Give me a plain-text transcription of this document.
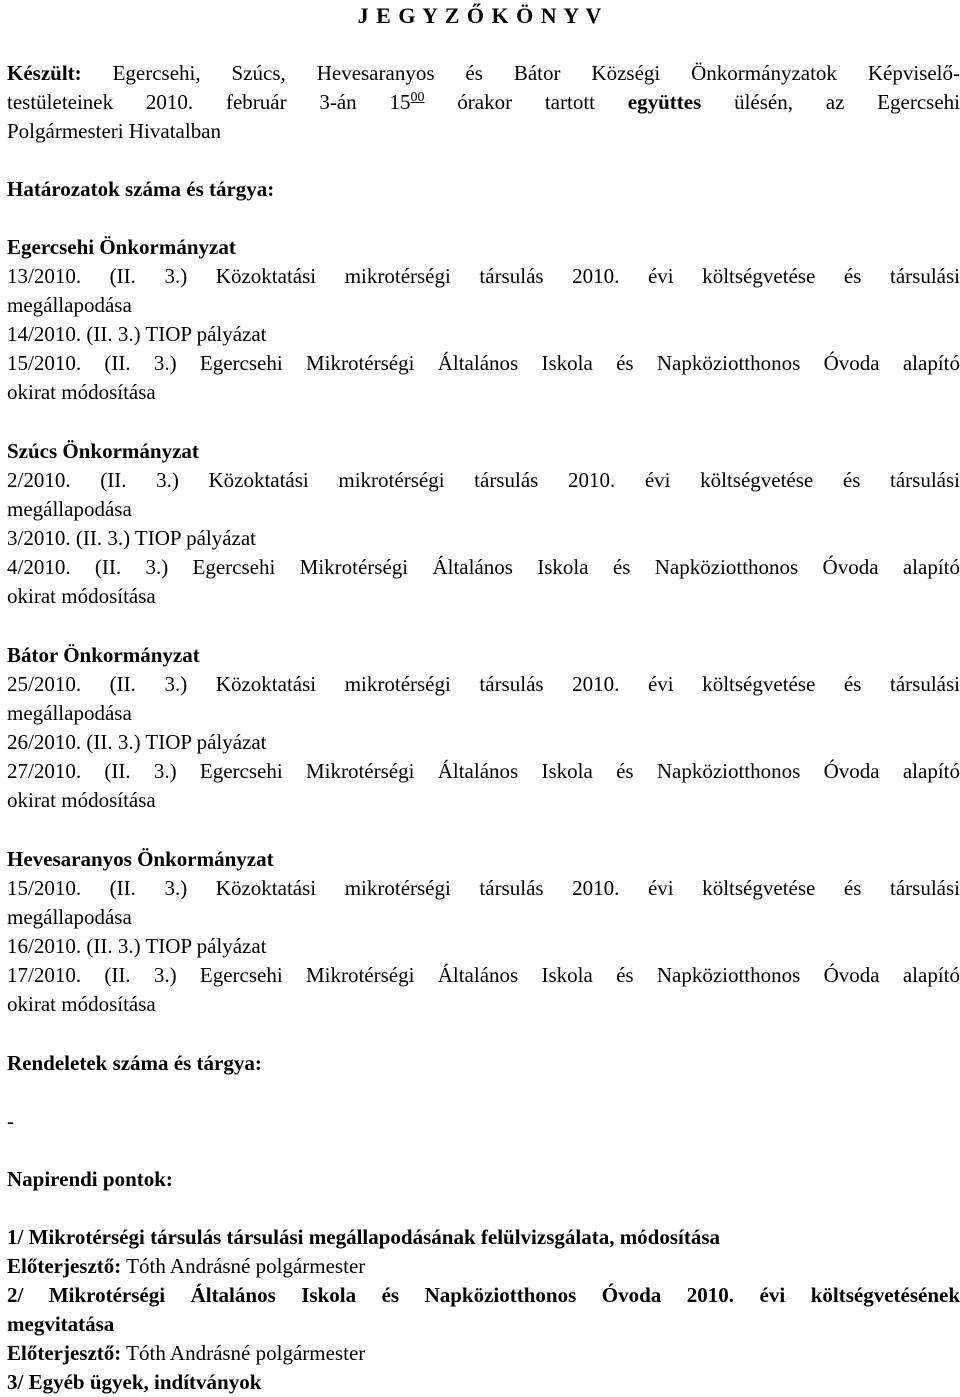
J E G Y Z Ő K Ö N Y V

Készült: Egercsehi, Szúcs, Hevesaranyos és Bátor Községi Önkormányzatok Képviselő-

testületeinek 2010. február 3-án $15^{00}$ órakor tartott együttes ülésén, az Egercsehi

Polgármesteri Hivatalban

Határozatok száma és tárgya:

Egercsehi Önkormányzat

13/2010. (II. 3.) Közoktatási mikrotérségi társulás 2010. évi költségvetése és társulási

megállapodása

14/2010. (II. 3.) TIOP pályázat

15/2010. (II. 3.) Egercsehi Mikrotérségi Általános Iskola és Napköziotthonos Óvoda alapító

okirat módosítása

Szúcs Önkormányzat

2/2010. (II. 3.) Közoktatási mikrotérségi társulás 2010. évi költségvetése és társulási

megállapodása

3/2010. (II. 3.) TIOP pályázat

4/2010. (II. 3.) Egercsehi Mikrotérségi Általános Iskola és Napköziotthonos Óvoda alapító

okirat módosítása

Bátor Önkormányzat

25/2010. (II. 3.) Közoktatási mikrotérségi társulás 2010. évi költségvetése és társulási

megállapodása

26/2010. (II. 3.) TIOP pályázat

27/2010. (II. 3.) Egercsehi Mikrotérségi Általános Iskola és Napköziotthonos Óvoda alapító

okirat módosítása

Hevesaranyos Önkormányzat

15/2010. (II. 3.) Közoktatási mikrotérségi társulás 2010. évi költségvetése és társulási

megállapodása

16/2010. (II. 3.) TIOP pályázat

17/2010. (II. 3.) Egercsehi Mikrotérségi Általános Iskola és Napköziotthonos Óvoda alapító

okirat módosítása

Rendeletek száma és tárgya:
-
Napirendi pontok:

1/ Mikrotérségi társulás társulási megállapodásának felülvizsgálata, módosítása

Előterjesztő: Tóth Andrásné polgármester

2/ Mikrotérségi Általános Iskola és Napköziotthonos Óvoda 2010. évi költségvetésének

megvitatása

Előterjesztő: Tóth Andrásné polgármester

3/ Egyéb ügyek, indítványok
